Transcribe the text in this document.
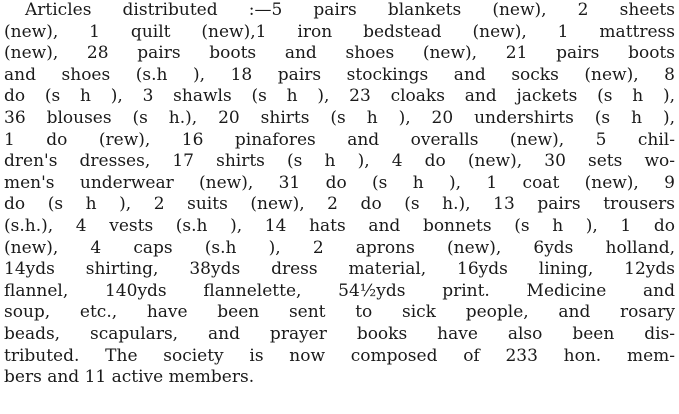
Articles distributed :—5 pairs blankets (new), 2 sheets
(new), 1 quilt (new),1 iron bedstead (new), 1 mattress
(new), 28 pairs boots and shoes (new), 21 pairs boots
and shoes (s.h ), 18 pairs stockings and socks (new), 8
do (s h ), 3 shawls (s h ), 23 cloaks and jackets (s h ),
36 blouses (s h.), 20 shirts (s h ), 20 undershirts (s h ),
1 do (rew), 16 pinafores and overalls (new), 5 chil-
dren's dresses, 17 shirts (s h ), 4 do (new), 30 sets wo-
men's underwear (new), 31 do (s h ), 1 coat (new), 9
do (s h ), 2 suits (new), 2 do (s h.), 13 pairs trousers
(s.h.), 4 vests (s.h ), 14 hats and bonnets (s h ), 1 do
(new), 4 caps (s.h ), 2 aprons (new), 6yds holland,
14yds shirting, 38yds dress material, 16yds lining, 12yds
flannel, 140yds flannelette, 54½yds print. Medicine and
soup, etc., have been sent to sick people, and rosary
beads, scapulars, and prayer books have also been dis-
tributed. The society is now composed of 233 hon. mem-
bers and 11 active members.
